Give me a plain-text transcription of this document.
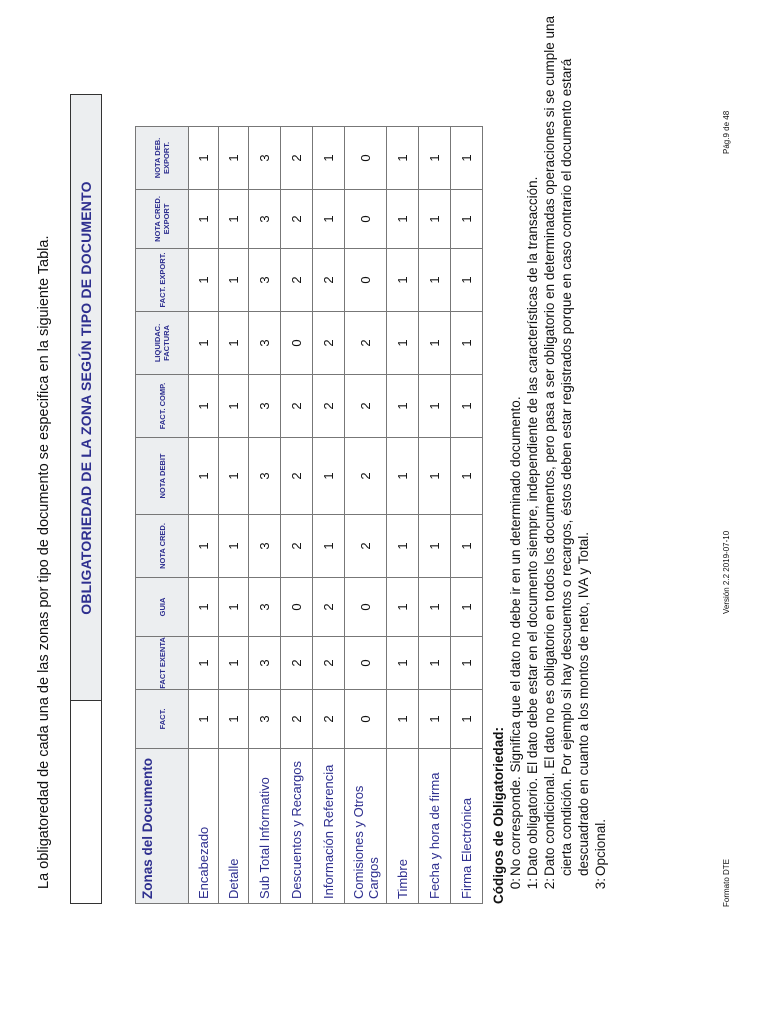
La obligatoredad de cada una de las zonas por tipo de documento se especifica en la siguiente Tabla.	OBLIGATORIEDAD DE LA ZONA SEGÚN TIPO DE DOCUMENTO
Zonas del Documento	FACT.	FACT EXENTA	GUIA	NOTA CRED.	NOTA DEBIT	FACT. COMP.	LIQUIDAC. FACTURA	FACT. EXPORT.	NOTA CRED. EXPORT	NOTA DEB. EXPORT.
Encabezado	1	1	1	1	1	1	1	1	1	1
Detalle	1	1	1	1	1	1	1	1	1	1
Sub Total Informativo	3	3	3	3	3	3	3	3	3	3
Descuentos y Recargos	2	2	0	2	2	2	0	2	2	2
Información Referencia	2	2	2	1	1	2	2	2	1	1
Comisiones y Otros Cargos	0	0	0	2	2	2	2	0	0	0
Timbre	1	1	1	1	1	1	1	1	1	1
Fecha y hora de firma	1	1	1	1	1	1	1	1	1	1
Firma Electrónica	1	1	1	1	1	1	1	1	1	1
Códigos de Obligatoriedad: 0 :
No corresponde. Significa que el dato no debe ir en un determinado documento.
1 :
Dato obligatorio. El dato debe estar en el documento siempre, independiente de las características de la transacción.
2 :
Dato condicional. El dato no es obligatorio en todos los documentos, pero pasa a ser obligatorio en determinadas operaciones si se cumple una cierta condición. Por ejemplo si hay descuentos o recargos, éstos deben estar registrados porque en caso contrario el documento estará descuadrado en cuanto a los montos de neto, IVA y Total.
3 :
Opcional.
Formato DTE
Versión 2.2 2019-07-10
Pág.9 de 48
